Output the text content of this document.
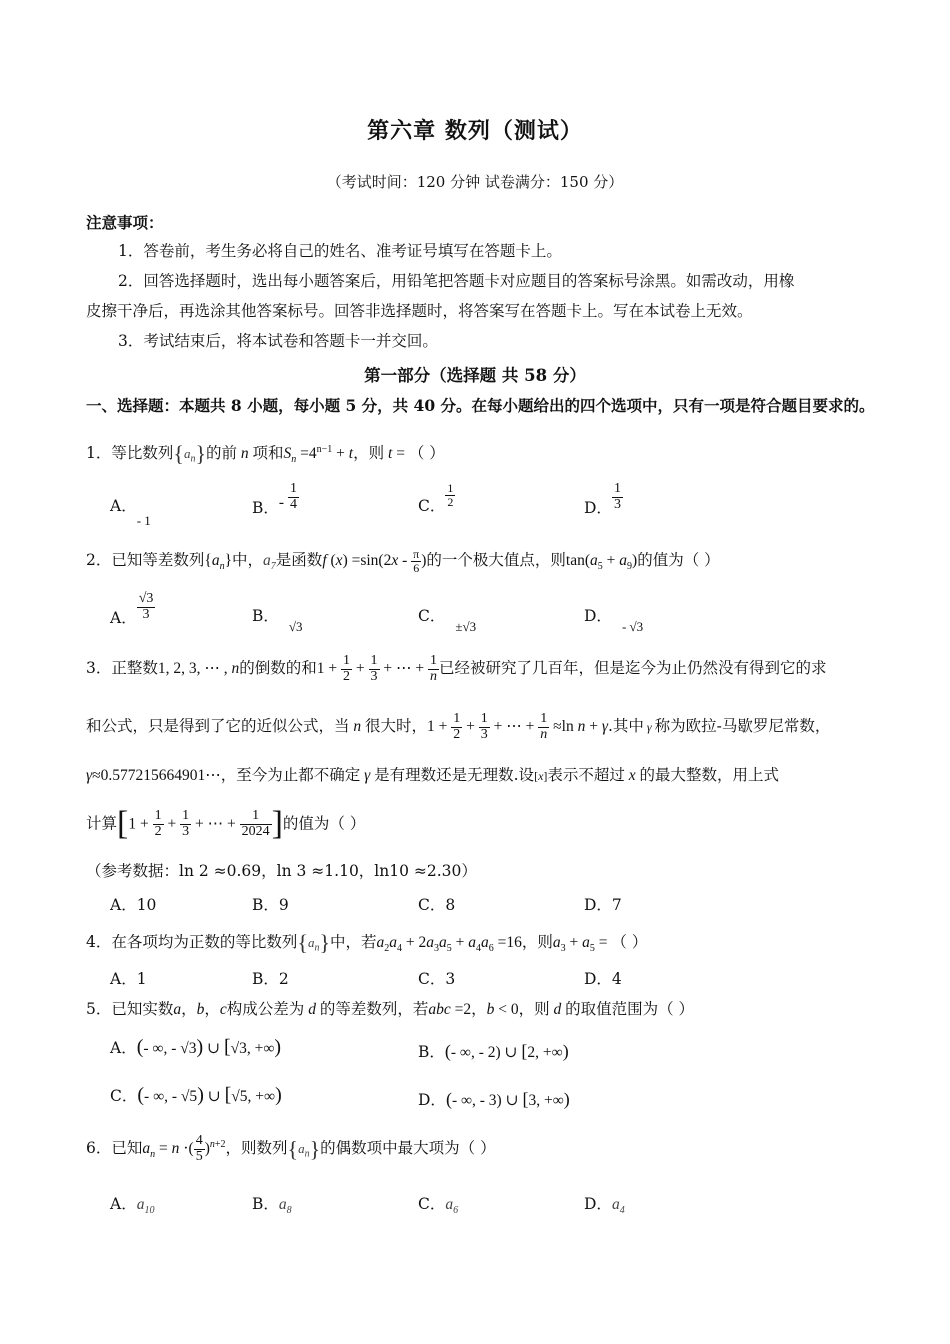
第六章 数列（测试）
（考试时间：120 分钟 试卷满分：150 分）
注意事项：
1．答卷前，考生务必将自己的姓名、准考证号填写在答题卡上。
2．回答选择题时，选出每小题答案后，用铅笔把答题卡对应题目的答案标号涂黑。如需改动，用橡
皮擦干净后，再选涂其他答案标号。回答非选择题时，将答案写在答题卡上。写在本试卷上无效。
3．考试结束后，将本试卷和答题卡一并交回。
第一部分（选择题 共 58 分）
一、选择题：本题共 8 小题，每小题 5 分，共 40 分。在每小题给出的四个选项中，只有一项是符合题目要求的。
1．等比数列$\{a_n\}$的前 n 项和$S_n =4^{n-1} + t$，则 t = （ ）
A．$_{- 1}$
B．- $\frac{1}{4}$	C． $\frac{1}{2}$	D． $\frac{1}{3}$
2．已知等差数列$\{a_n\}$中，$a_7$是函数f $(x) =\sin(2x - \frac{\pi}{6}$ )的一个极大值点，则$\tan(a_5 + a_9)$的值为（ ）
A． $\frac{√3}{3}$	B．$_{√3}$
C．$_{\pm√3}$
D．$_{- √3}$
3．正整数1, 2, 3, ⋯ , n的倒数的和$1 + \frac{1}{2} + \frac{1}{3}$ + ⋯ + $\frac{1}{n}$ 已经被研究了几百年，但是迄今为止仍然没有得到它的求
和公式，只是得到了它的近似公式，当 n 很大时，$1 + \frac{1}{2} + \frac{1}{3}$ + ⋯ + $\frac{1}{n} \approx\ln$ n + γ.其中 γ 称为欧拉-马歇罗尼常数，
γ≈0.577215664901⋯，至今为止都不确定 γ 是有理数还是无理数.设[x]表示不超过 x 的最大整数，用上式
计算[$1 + \frac{1}{2} + \frac{1}{3}$ + ⋯ + $\frac{1}{2024}$ ]的值为（ ）
（参考数据：ln 2 ≈0.69，ln 3 ≈1.10，ln10 ≈2.30）
A．10	B．9	C．8	D．7
4．在各项均为正数的等比数列$\{a_n\}$中，若$a_2a_4 + 2a_3a_5 + a_4a_6 =16$，则$a_3 + a_5$ = （ ）
A．1	B．2	C．3	D．4
5．已知实数a，b，c构成公差为 d 的等差数列，若abc =2，b < 0，则 d 的取值范围为（ ）
A．(- ∞, - √3) ∪ [√3, +∞)	B．(- ∞, - 2) ∪ [2, +∞)
C．(- ∞, - √5) ∪ [√5, +∞)	D．(- ∞, - 3) ∪ [3, +∞)
6．已知$a_n = n$ ⋅( $\frac{4}{5} )^{n+2}$，则数列$\{a_n\}$的偶数项中最大项为（ ）
A．$a_{10}$	B．$a_8$	C．$a_6$	D．$a_4$
